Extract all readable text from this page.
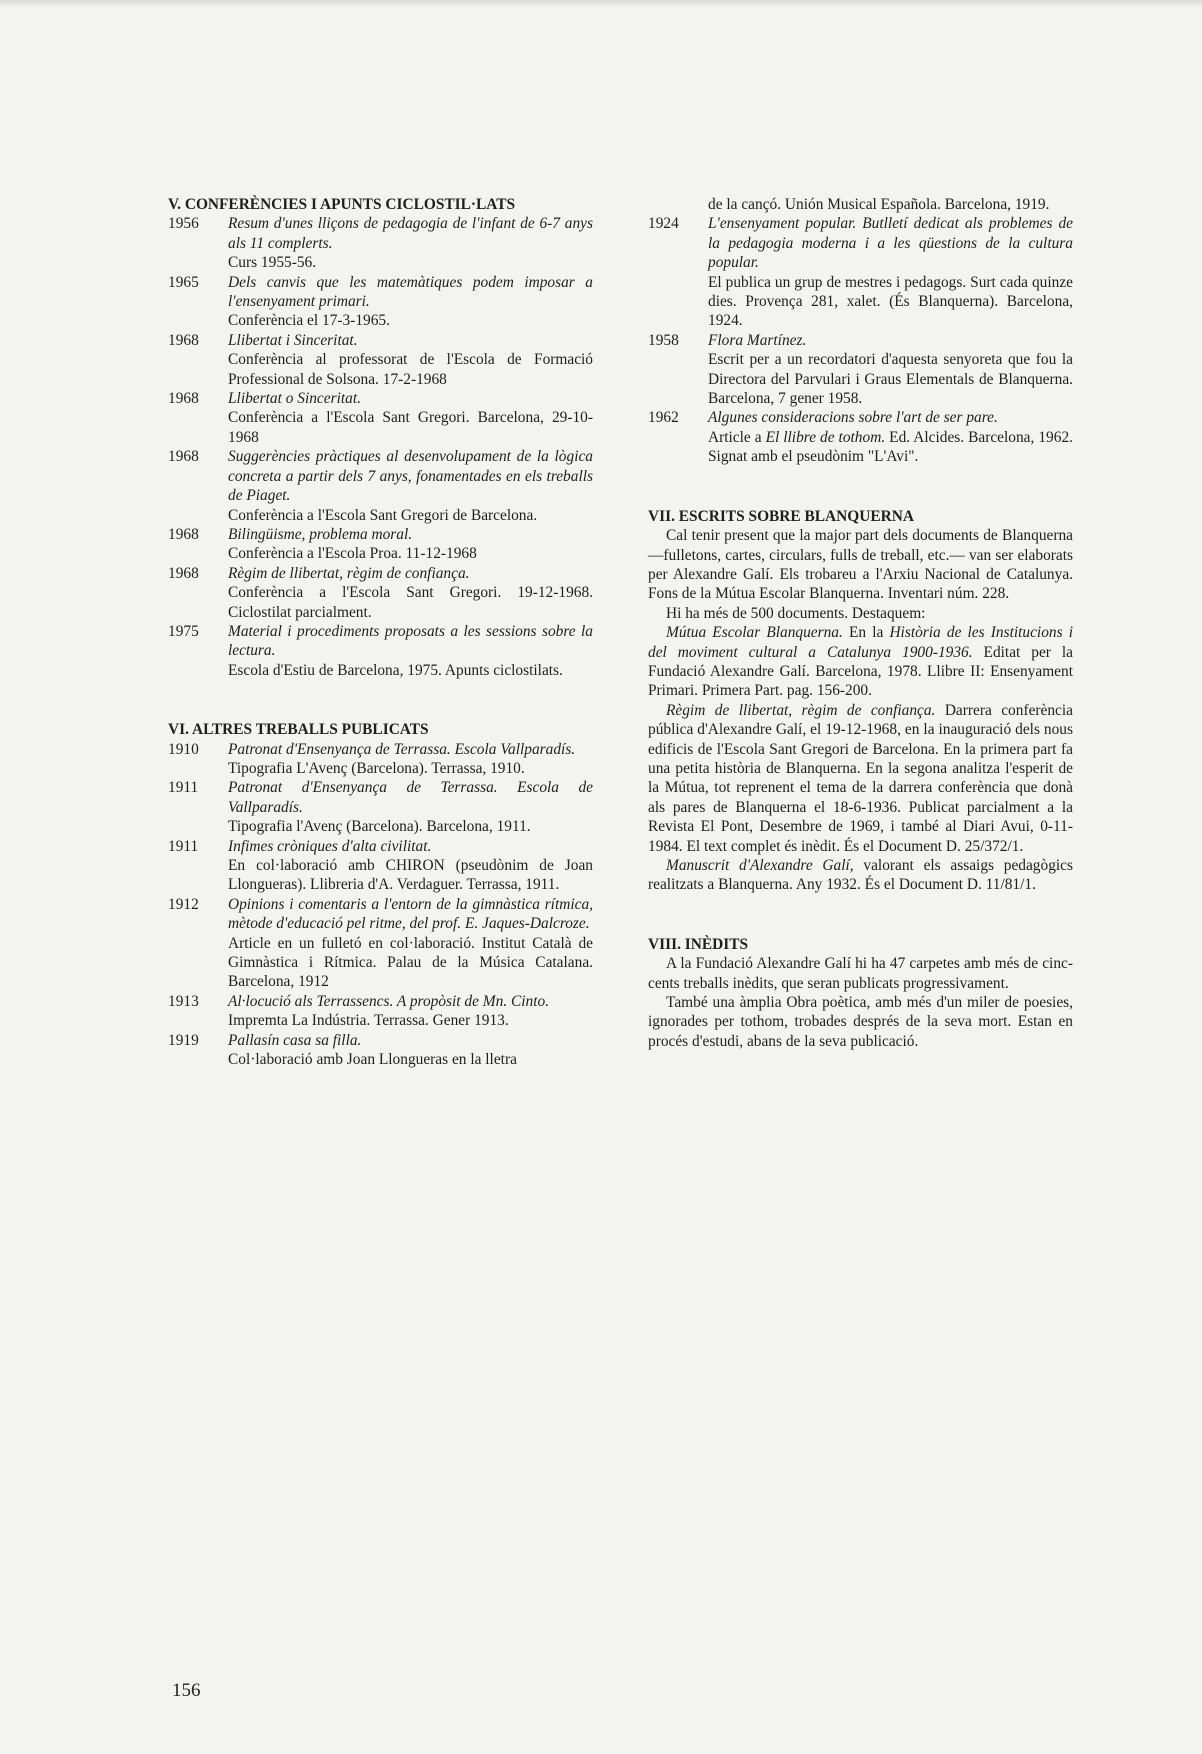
V. CONFERÈNCIES I APUNTS CICLOSTIL·LATS
1956	Resum d'unes lliçons de pedagogia de l'infant de 6-7 anys als 11 complerts.
Curs 1955-56.
1965	Dels canvis que les matemàtiques podem imposar a l'ensenyament primari.
Conferència el 17-3-1965.
1968	Llibertat i Sinceritat.
Conferència al professorat de l'Escola de Formació Professional de Solsona. 17-2-1968
1968	Llibertat o Sinceritat.
Conferència a l'Escola Sant Gregori. Barcelona, 29-10-1968
1968	Suggerències pràctiques al desenvolupament de la lògica concreta a partir dels 7 anys, fonamentades en els treballs de Piaget.
Conferència a l'Escola Sant Gregori de Barcelona.
1968	Bilingüisme, problema moral.
Conferència a l'Escola Proa. 11-12-1968
1968	Règim de llibertat, règim de confiança.
Conferència a l'Escola Sant Gregori. 19-12-1968. Ciclostilat parcialment.
1975	Material i procediments proposats a les sessions sobre la lectura.
Escola d'Estiu de Barcelona, 1975. Apunts ciclostilats.
VI. ALTRES TREBALLS PUBLICATS
1910	Patronat d'Ensenyança de Terrassa. Escola Vallparadís.
Tipografia L'Avenç (Barcelona). Terrassa, 1910.
1911	Patronat d'Ensenyança de Terrassa. Escola de Vallparadís.
Tipografia l'Avenç (Barcelona). Barcelona, 1911.
1911	Infimes cròniques d'alta civilitat.
En col·laboració amb CHIRON (pseudònim de Joan Llongueras). Llibreria d'A. Verdaguer. Terrassa, 1911.
1912	Opinions i comentaris a l'entorn de la gimnàstica rítmica, mètode d'educació pel ritme, del prof. E. Jaques-Dalcroze.
Article en un fulletó en col·laboració. Institut Català de Gimnàstica i Rítmica. Palau de la Música Catalana. Barcelona, 1912
1913	Al·locució als Terrassencs. A propòsit de Mn. Cinto.
Impremta La Indústria. Terrassa. Gener 1913.
1919	Pallasín casa sa filla.
Col·laboració amb Joan Llongueras en la lletra
de la cançó. Unión Musical Española. Barcelona, 1919.
1924	L'ensenyament popular. Butlletí dedicat als problemes de la pedagogia moderna i a les qüestions de la cultura popular.
El publica un grup de mestres i pedagogs. Surt cada quinze dies. Provença 281, xalet. (És Blanquerna). Barcelona, 1924.
1958	Flora Martínez.
Escrit per a un recordatori d'aquesta senyoreta que fou la Directora del Parvulari i Graus Elementals de Blanquerna. Barcelona, 7 gener 1958.
1962	Algunes consideracions sobre l'art de ser pare.
Article a El llibre de tothom. Ed. Alcides. Barcelona, 1962. Signat amb el pseudònim "L'Avi".
VII. ESCRITS SOBRE BLANQUERNA

Cal tenir present que la major part dels documents de Blanquerna —fulletons, cartes, circulars, fulls de treball, etc.— van ser elaborats per Alexandre Galí. Els trobareu a l'Arxiu Nacional de Catalunya. Fons de la Mútua Escolar Blanquerna. Inventari núm. 228.

Hi ha més de 500 documents. Destaquem:

Mútua Escolar Blanquerna. En la Història de les Institucions i del moviment cultural a Catalunya 1900-1936. Editat per la Fundació Alexandre Galí. Barcelona, 1978. Llibre II: Ensenyament Primari. Primera Part. pag. 156-200.

Règim de llibertat, règim de confiança. Darrera conferència pública d'Alexandre Galí, el 19-12-1968, en la inauguració dels nous edificis de l'Escola Sant Gregori de Barcelona. En la primera part fa una petita història de Blanquerna. En la segona analitza l'esperit de la Mútua, tot reprenent el tema de la darrera conferència que donà als pares de Blanquerna el 18-6-1936. Publicat parcialment a la Revista El Pont, Desembre de 1969, i també al Diari Avui, 0-11-1984. El text complet és inèdit. És el Document D. 25/372/1.

Manuscrit d'Alexandre Galí, valorant els assaigs pedagògics realitzats a Blanquerna. Any 1932. És el Document D. 11/81/1.

VIII. INÈDITS

A la Fundació Alexandre Galí hi ha 47 carpetes amb més de cinc-cents treballs inèdits, que seran publicats progressivament.

També una àmplia Obra poètica, amb més d'un miler de poesies, ignorades per tothom, trobades després de la seva mort. Estan en procés d'estudi, abans de la seva publicació.

156
